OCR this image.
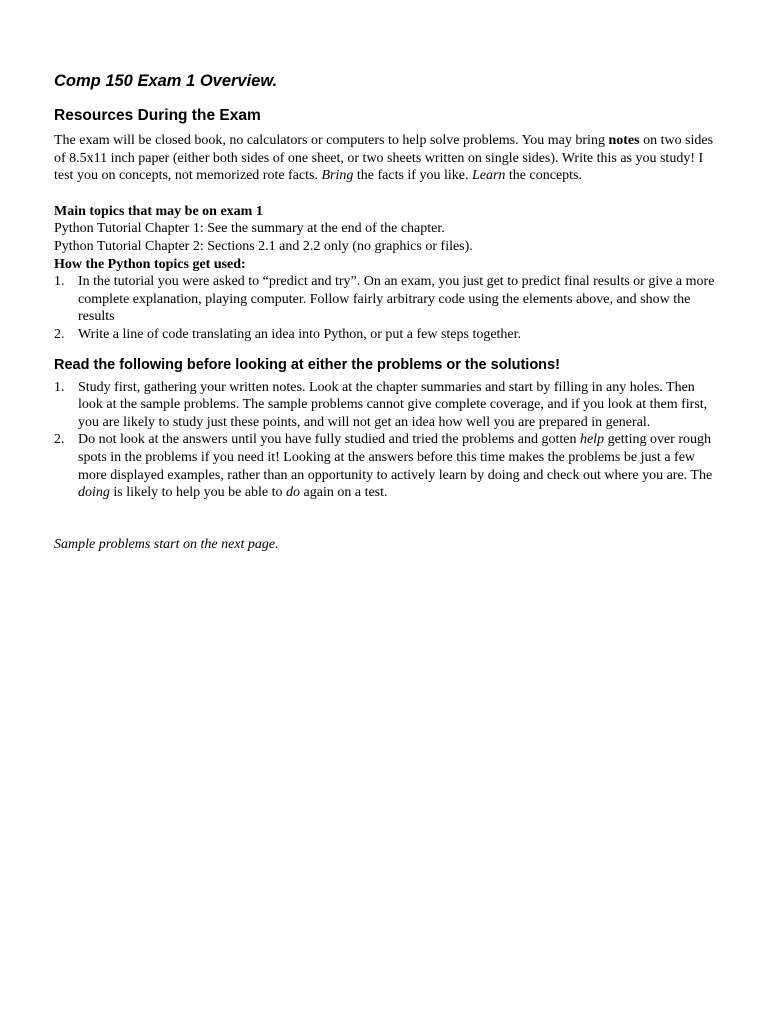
Comp 150 Exam 1 Overview.
Resources During the Exam

The exam will be closed book, no calculators or computers to help solve problems. You may bring notes on two sides of 8.5x11 inch paper (either both sides of one sheet, or two sheets written on single sides). Write this as you study! I test you on concepts, not memorized rote facts. Bring the facts if you like. Learn the concepts.

Main topics that may be on exam 1

Python Tutorial Chapter 1: See the summary at the end of the chapter.

Python Tutorial Chapter 2: Sections 2.1 and 2.2 only (no graphics or files).

How the Python topics get used:

1. In the tutorial you were asked to “predict and try”. On an exam, you just get to predict final results or give a more complete explanation, playing computer. Follow fairly arbitrary code using the elements above, and show the results
2. Write a line of code translating an idea into Python, or put a few steps together.
Read the following before looking at either the problems or the solutions!
1. Study first, gathering your written notes. Look at the chapter summaries and start by filling in any holes. Then look at the sample problems. The sample problems cannot give complete coverage, and if you look at them first, you are likely to study just these points, and will not get an idea how well you are prepared in general.
2. Do not look at the answers until you have fully studied and tried the problems and gotten help getting over rough spots in the problems if you need it! Looking at the answers before this time makes the problems be just a few more displayed examples, rather than an opportunity to actively learn by doing and check out where you are. The doing is likely to help you be able to do again on a test.

Sample problems start on the next page.
